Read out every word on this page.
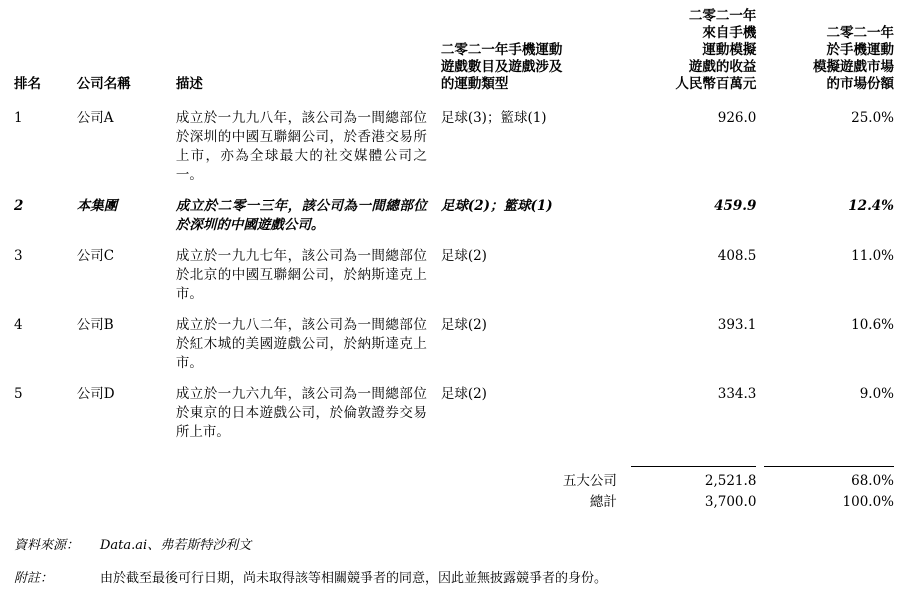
排名	公司名稱	描述	二零二一年手機運動
遊戲數目及遊戲涉及
的運動類型	二零二一年
來自手機
運動模擬
遊戲的收益
人民幣百萬元	二零二一年
於手機運動
模擬遊戲市場
的市場份額

1	公司A	成立於一九九八年，該公司為一間總部位於深圳的中國互聯網公司，於香港交易所上市，亦為全球最大的社交媒體公司之一。	足球(3)；籃球(1)	926.0	25.0%
2	本集團	成立於二零一三年，該公司為一間總部位於深圳的中國遊戲公司。	足球(2)；籃球(1)	459.9	12.4%
3	公司C	成立於一九九七年，該公司為一間總部位於北京的中國互聯網公司，於納斯達克上市。	足球(2)	408.5	11.0%
4	公司B	成立於一九八二年，該公司為一間總部位於紅木城的美國遊戲公司，於納斯達克上市。	足球(2)	393.1	10.6%
5	公司D	成立於一九六九年，該公司為一間總部位於東京的日本遊戲公司，於倫敦證券交易所上市。	足球(2)	334.3	9.0%

			五大公司	2,521.8	68.0%
			總計	3,700.0	100.0%
資料來源：	Data.ai、弗若斯特沙利文
附註：	由於截至最後可行日期，尚未取得該等相關競爭者的同意，因此並無披露競爭者的身份。
